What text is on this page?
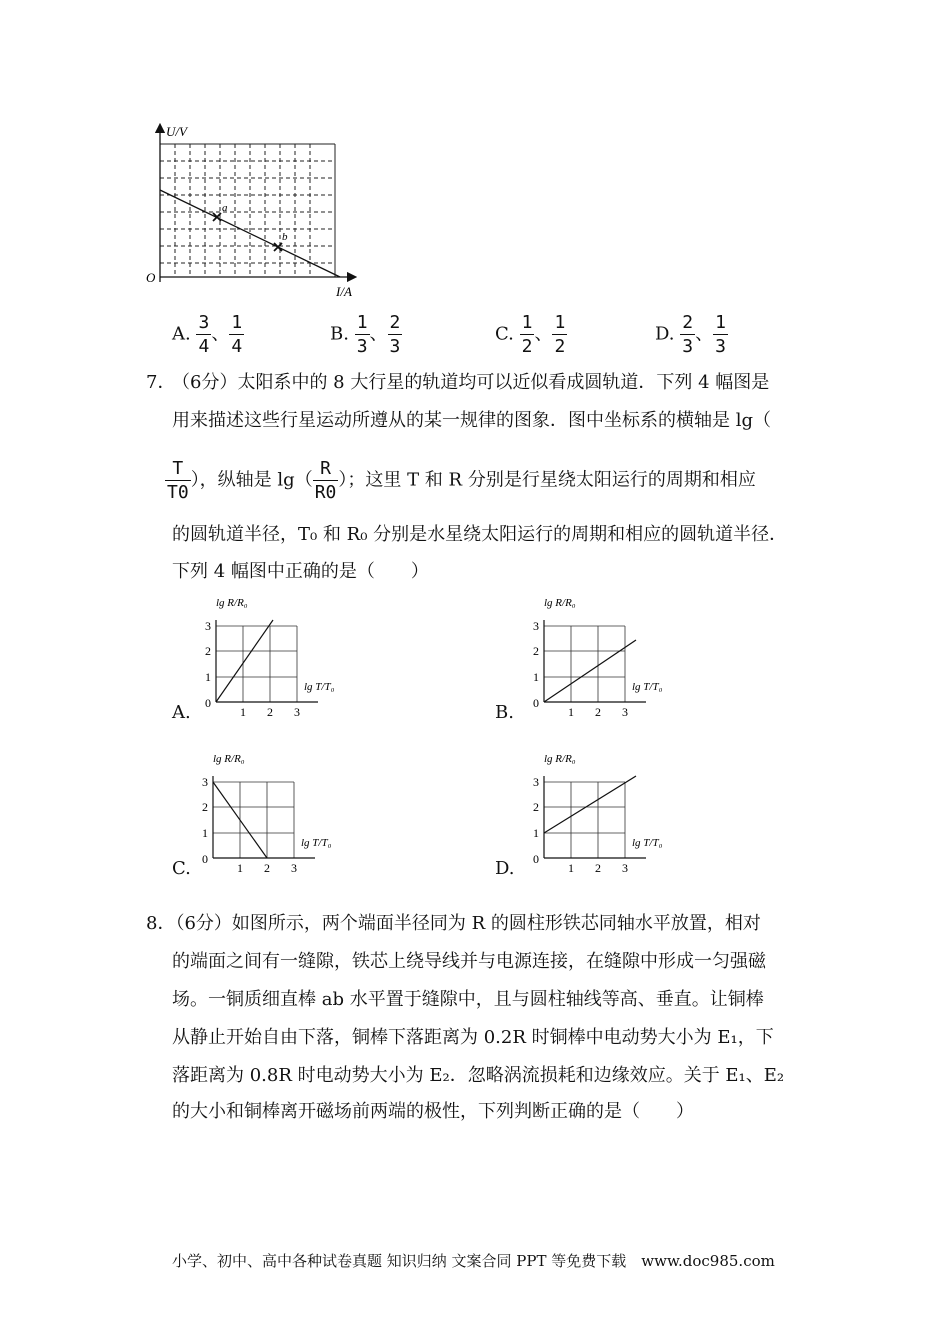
a
b
U/V
I/A
O
A. $\frac{3}{4}$ 、 $\frac{1}{4}$	B. $\frac{1}{3}$ 、 $\frac{2}{3}$	C. $\frac{1}{2}$ 、 $\frac{1}{2}$	D. $\frac{2}{3}$ 、 $\frac{1}{3}$
7．
（6分）太阳系中的 8 大行星的轨道均可以近似看成圆轨道．下列 4 幅图是
用来描述这些行星运动所遵从的某一规律的图象．图中坐标系的横轴是 lg（
$\frac{T}{T0}$ ），纵轴是 $\lg( \frac{R}{R0}$ ）；这里 T 和 R 分别是行星绕太阳运行的周期和相应
的圆轨道半径，T₀ 和 R₀ 分别是水星绕太阳运行的周期和相应的圆轨道半径．
下列 4 幅图中正确的是（　　）
A.
lg R/R₀
3
2
1
0
1 2 3
lg T/T₀
B.
lg R/R₀
3
2
1
0
1 2 3
lg T/T₀
C.
lg R/R₀
3
2
1
0
1 2 3
lg T/T₀
D.
lg R/R₀
3
2
1
0
1 2 3
lg T/T₀
8．（6分）如图所示，两个端面半径同为 R 的圆柱形铁芯同轴水平放置，相对
的端面之间有一缝隙，铁芯上绕导线并与电源连接，在缝隙中形成一匀强磁
场。一铜质细直棒 ab 水平置于缝隙中，且与圆柱轴线等高、垂直。让铜棒
从静止开始自由下落，铜棒下落距离为 0.2R 时铜棒中电动势大小为 E₁，下
落距离为 0.8R 时电动势大小为 E₂．忽略涡流损耗和边缘效应。关于 E₁、E₂
的大小和铜棒离开磁场前两端的极性，下列判断正确的是（　　）
小学、初中、高中各种试卷真题 知识归纳 文案合同 PPT 等免费下载　www.doc985.com
